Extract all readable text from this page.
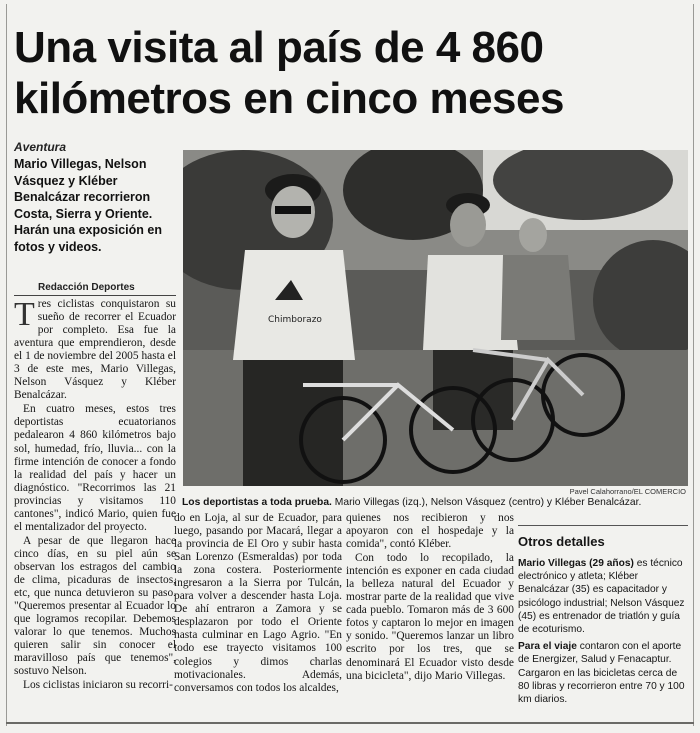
Una visita al país de 4 860 kilómetros en cinco meses
Aventura

Mario Villegas, Nelson Vásquez y Kléber Benalcázar recorrieron Costa, Sierra y Oriente. Harán una exposición en fotos y videos.

Redacción Deportes

Tres ciclistas conquistaron su sueño de recorrer el Ecuador por completo. Esa fue la aventura que emprendieron, desde el 1 de noviembre del 2005 hasta el 3 de este mes, Mario Villegas, Nelson Vásquez y Kléber Benalcázar.

En cuatro meses, estos tres deportistas ecuatorianos pedalearon 4 860 kilómetros bajo sol, humedad, frío, lluvia... con la firme intención de conocer a fondo la realidad del país y hacer un diagnóstico. "Recorrimos las 21 provincias y visitamos 110 cantones", indicó Mario, quien fue el mentalizador del proyecto.

A pesar de que llegaron hace cinco días, en su piel aún se observan los estragos del cambio de clima, picaduras de insectos, etc, que nunca detuvieron su paso. "Queremos presentar al Ecuador lo que logramos recopilar. Debemos valorar lo que tenemos. Muchos quieren salir sin conocer el maravilloso país que tenemos", sostuvo Nelson.

Los ciclistas iniciaron su recorri-

Chimborazo
Pavel Calahorrano/EL COMERCIO

Los deportistas a toda prueba. Mario Villegas (izq.), Nelson Vásquez (centro) y Kléber Benalcázar.

do en Loja, al sur de Ecuador, para luego, pasando por Macará, llegar a la provincia de El Oro y subir hasta San Lorenzo (Esmeraldas) por toda la zona costera. Posteriormente ingresaron a la Sierra por Tulcán, para volver a descender hasta Loja. De ahí entraron a Zamora y se desplazaron por todo el Oriente hasta culminar en Lago Agrio. "En todo ese trayecto visitamos 100 colegios y dimos charlas motivacionales. Además, conversamos con todos los alcaldes,

quienes nos recibieron y nos apoyaron con el hospedaje y la comida", contó Kléber.

Con todo lo recopilado, la intención es exponer en cada ciudad la belleza natural del Ecuador y mostrar parte de la realidad que vive cada pueblo. Tomaron más de 3 600 fotos y captaron lo mejor en imagen y sonido. "Queremos lanzar un libro escrito por los tres, que se denominará El Ecuador visto desde una bicicleta", dijo Mario Villegas.

Otros detalles

Mario Villegas (29 años) es técnico electrónico y atleta; Kléber Benalcázar (35) es capacitador y psicólogo industrial; Nelson Vásquez (45) es entrenador de triatlón y guía de ecoturismo.

Para el viaje contaron con el aporte de Energizer, Salud y Fenacaptur. Cargaron en las bicicletas cerca de 80 libras y recorrieron entre 70 y 100 km diarios.
